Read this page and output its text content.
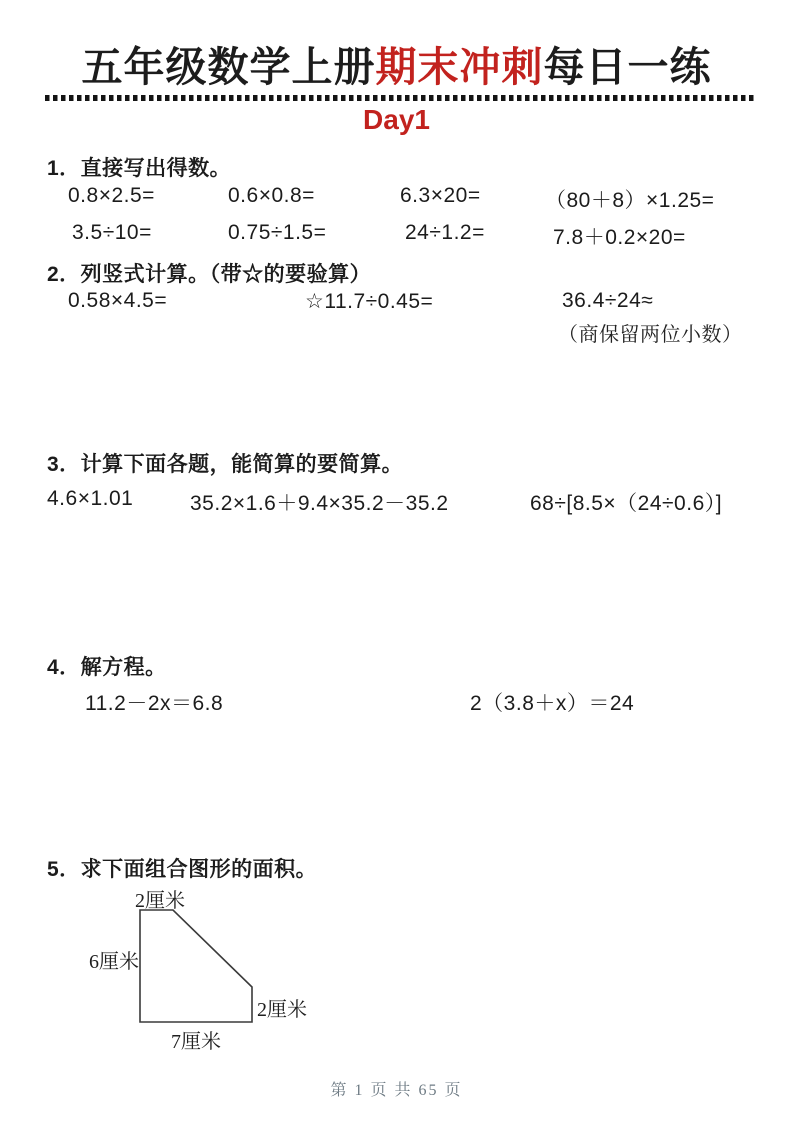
五年级数学上册期末冲刺每日一练
Day1
1．直接写出得数。
0.8×2.5=	0.6×0.8=	6.3×20=	（80＋8）×1.25=
3.5÷10=	0.75÷1.5=	24÷1.2=	7.8＋0.2×20=
2．列竖式计算。（带☆的要验算）
0.58×4.5=	☆11.7÷0.45=	36.4÷24≈
（商保留两位小数）
3．计算下面各题，能简算的要简算。
4.6×1.01	35.2×1.6＋9.4×35.2－35.2	68÷[8.5×（24÷0.6）]
4．解方程。
11.2－2x＝6.8	2（3.8＋x）＝24
5．求下面组合图形的面积。
2厘米
6厘米
2厘米
7厘米
第 1 页 共 65 页
